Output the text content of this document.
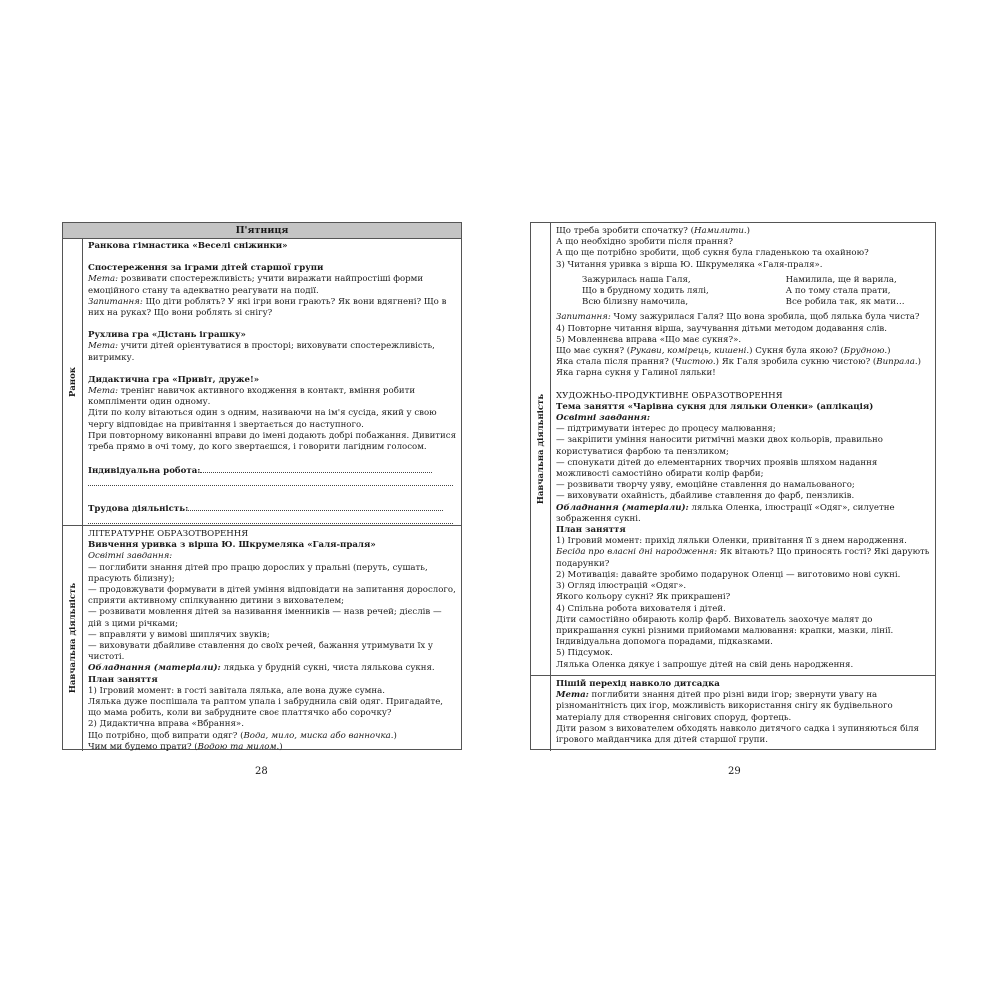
П'ятниця
Ранок
Навчальна діяльність

Ранкова гімнастика «Веселі сніжинки»

Спостереження за іграми дітей старшої групи

Мета: розвивати спостережливість; учити виражати найпростіші форми емоційного стану та адекватно реагувати на події.

Запитання: Що діти роблять? У які ігри вони грають? Як вони вдягнені? Що в них на руках? Що вони роблять зі снігу?

Рухлива гра «Дістань іграшку»

Мета: учити дітей орієнтуватися в просторі; виховувати спостережливість, витримку.

Дидактична гра «Привіт, друже!»

Мета: тренінг навичок активного входження в контакт, вміння робити компліменти один одному.

Діти по колу вітаються один з одним, називаючи на ім'я сусіда, який у свою чергу відповідає на привітання і звертається до наступного.

При повторному виконанні вправи до імені додають добрі побажання. Дивитися треба прямо в очі тому, до кого звертаєшся, і говорити лагідним голосом.

Індивідуальна робота:

Трудова діяльність:

ЛІТЕРАТУРНЕ ОБРАЗОТВОРЕННЯ

Вивчення уривка з вірша Ю. Шкрумеляка «Галя-праля»

Освітні завдання:

— поглибити знання дітей про працю дорослих у пральні (перуть, сушать, прасують білизну);

— продовжувати формувати в дітей уміння відповідати на запитання дорослого, сприяти активному спілкуванню дитини з вихователем;

— розвивати мовлення дітей за називання іменників — назв речей; дієслів — дій з цими річками;

— вправляти у вимові шиплячих звуків;

— виховувати дбайливе ставлення до своїх речей, бажання утримувати їх у чистоті.

Обладнання (матеріали): лядька у брудній сукні, чиста ляльковa сукня.

План заняття

1) Ігровий момент: в гості завітала лялька, але вона дуже сумна.

Лялька дуже поспішала та раптом упала і забруднила свій одяг. Пригадайте, що мама робить, коли ви забрудните своє платтячко або сорочку?

2) Дидактична вправа «Вбрання».

Що потрібно, щоб випрати одяг? (Вода, мило, миска або ванночка.)

Чим ми будемо прати? (Водою та милом.)

28
Навчальна діяльність

Що треба зробити спочатку? (Намилити.)

А що необхідно зробити після прання?

А що ще потрібно зробити, щоб сукня була гладенькою та охайною?

3) Читання уривка з вірша Ю. Шкрумеляка «Галя-праля».

Зажурилась наша Галя,

Що в брудному ходить лялі,

Всю білизну намочила,

Намилила, ще й варила,

А по тому стала прати,

Все робила так, як мати…

Запитання: Чому зажурилася Галя? Що вона зробила, щоб лялька була чиста?

4) Повторне читання вірша, заучування дітьми методом додавання слів.

5) Мовленнєва вправа «Що має сукня?».

Що має сукня? (Рукави, комірець, кишені.) Сукня була якою? (Брудною.)

Яка стала після прання? (Чистою.) Як Галя зробила сукню чистою? (Випрала.)

Яка гарна сукня у Галиної ляльки!

ХУДОЖНЬО-ПРОДУКТИВНЕ ОБРАЗОТВОРЕННЯ

Тема заняття «Чарівна сукня для ляльки Оленки» (аплікація)

Освітні завдання:

— підтримувати інтерес до процесу малювання;

— закріпити уміння наносити ритмічні мазки двох кольорів, правильно користуватися фарбою та пензликом;

— спонукати дітей до елементарних творчих проявів шляхом надання можливості самостійно обирати колір фарби;

— розвивати творчу уяву, емоційне ставлення до намальованого;

— виховувати охайність, дбайливе ставлення до фарб, пензликів.

Обладнання (матеріали): лялька Оленка, ілюстрації «Одяг», силуетне зображення сукні.

План заняття

1) Ігровий момент: прихід ляльки Оленки, привітання її з днем народження.

Бесіда про власні дні народження: Як вітають? Що приносять гості? Які дарують подарунки?

2) Мотивація: давайте зробимо подарунок Оленці — виготовимо нові сукні.

3) Огляд ілюстрацій «Одяг».

Якого кольору сукні? Як прикрашені?

4) Спільна робота вихователя і дітей.

Діти самостійно обирають колір фарб. Вихователь заохочує малят до прикрашання сукні різними прийомами малювання: крапки, мазки, лінії. Індивідуальна допомога порадами, підказками.

5) Підсумок.

Лялька Оленка дякує і запрошує дітей на свій день народження.

Пішій перехід навколо дитсадка

Мета: поглибити знання дітей про різні види ігор; звернути увагу на різноманітність цих ігор, можливість використання снігу як будівельного матеріалу для створення снігових споруд, фортець.

Діти разом з вихователем обходять навколо дитячого садка і зупиняються біля ігрового майданчика для дітей старшої групи.

29
